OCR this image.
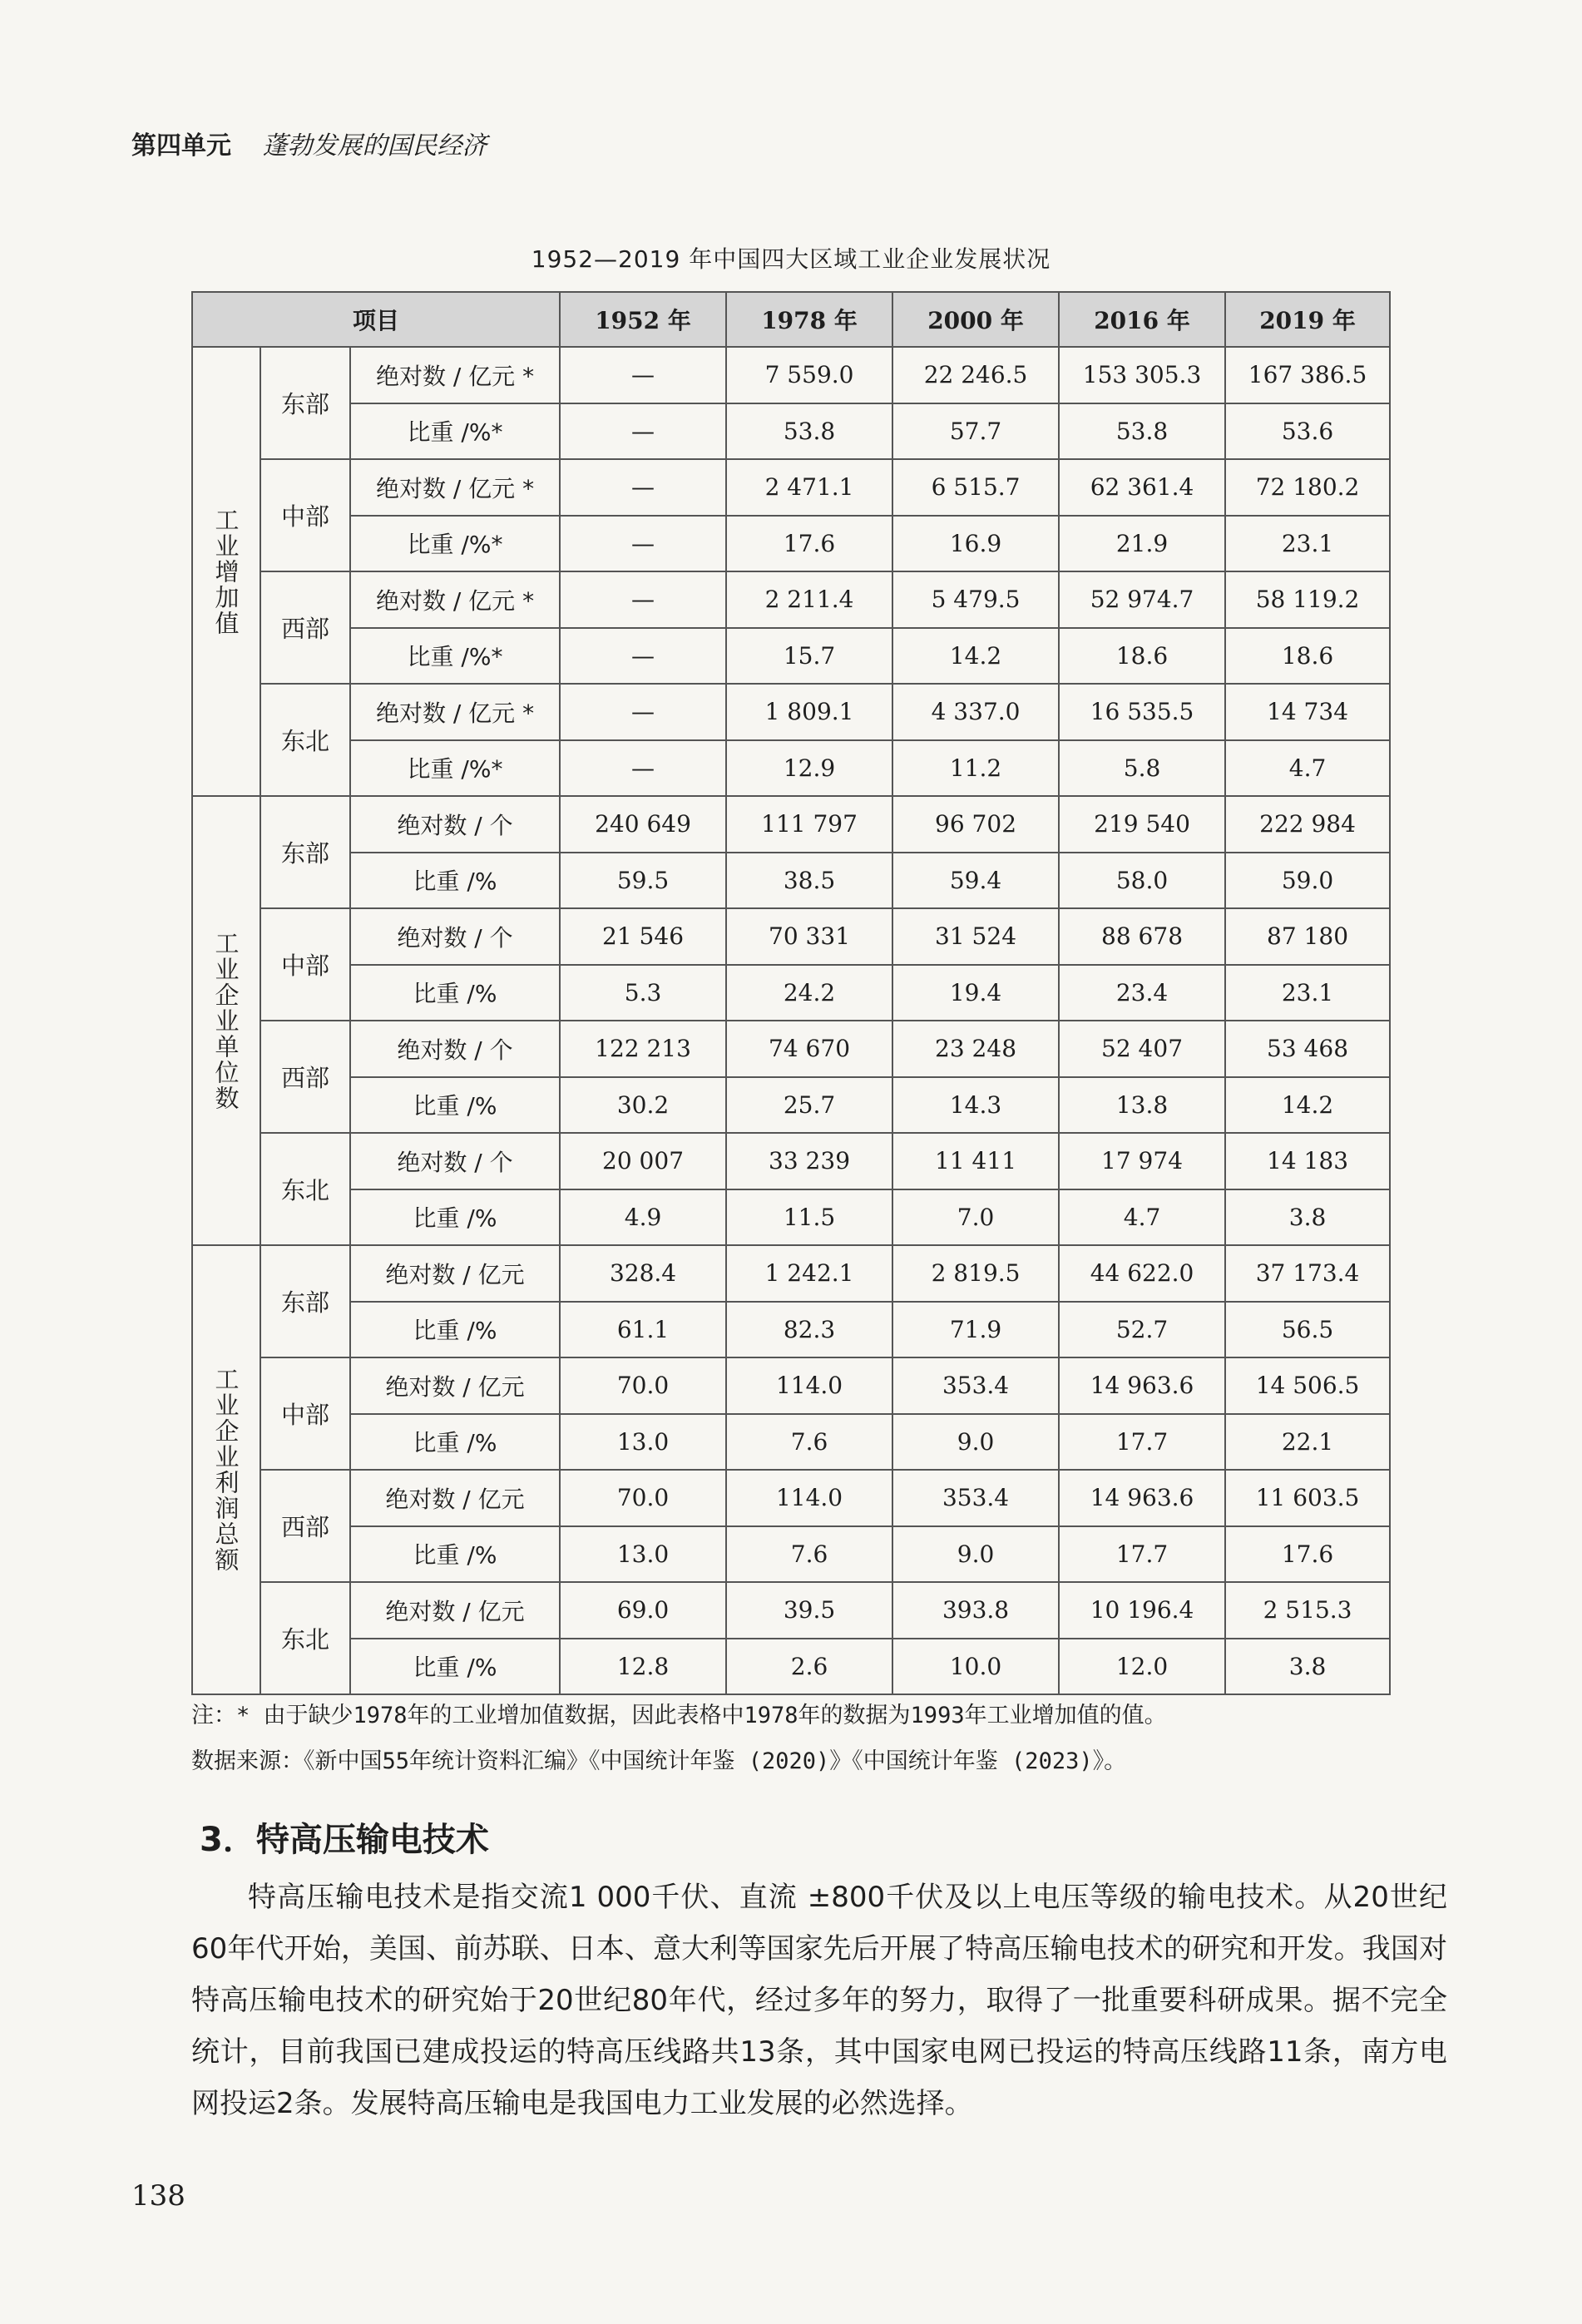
第四单元 蓬勃发展的国民经济
1952—2019 年中国四大区域工业企业发展状况
项目			1952 年	1978 年	2000 年	2016 年	2019 年
工业增加值	东部	绝对数 / 亿元 *	—	7 559.0	22 246.5	153 305.3	167 386.5
		比重 /%*	—	53.8	57.7	53.8	53.6
	中部	绝对数 / 亿元 *	—	2 471.1	6 515.7	62 361.4	72 180.2
		比重 /%*	—	17.6	16.9	21.9	23.1
	西部	绝对数 / 亿元 *	—	2 211.4	5 479.5	52 974.7	58 119.2
		比重 /%*	—	15.7	14.2	18.6	18.6
	东北	绝对数 / 亿元 *	—	1 809.1	4 337.0	16 535.5	14 734
		比重 /%*	—	12.9	11.2	5.8	4.7
工业企业单位数	东部	绝对数 / 个	240 649	111 797	96 702	219 540	222 984
		比重 /%	59.5	38.5	59.4	58.0	59.0
	中部	绝对数 / 个	21 546	70 331	31 524	88 678	87 180
		比重 /%	5.3	24.2	19.4	23.4	23.1
	西部	绝对数 / 个	122 213	74 670	23 248	52 407	53 468
		比重 /%	30.2	25.7	14.3	13.8	14.2
	东北	绝对数 / 个	20 007	33 239	11 411	17 974	14 183
		比重 /%	4.9	11.5	7.0	4.7	3.8
工业企业利润总额	东部	绝对数 / 亿元	328.4	1 242.1	2 819.5	44 622.0	37 173.4
		比重 /%	61.1	82.3	71.9	52.7	56.5
	中部	绝对数 / 亿元	70.0	114.0	353.4	14 963.6	14 506.5
		比重 /%	13.0	7.6	9.0	17.7	22.1
	西部	绝对数 / 亿元	70.0	114.0	353.4	14 963.6	11 603.5
		比重 /%	13.0	7.6	9.0	17.7	17.6
	东北	绝对数 / 亿元	69.0	39.5	393.8	10 196.4	2 515.3
		比重 /%	12.8	2.6	10.0	12.0	3.8
注：* 由于缺少1978年的工业增加值数据，因此表格中1978年的数据为1993年工业增加值的值。
数据来源：《新中国55年统计资料汇编》《中国统计年鉴 (2020)》《中国统计年鉴 (2023)》。
3．特高压输电技术
特高压输电技术是指交流1 000千伏、直流 ±800千伏及以上电压等级的输电技术。从20世纪60年代开始，美国、前苏联、日本、意大利等国家先后开展了特高压输电技术的研究和开发。我国对特高压输电技术的研究始于20世纪80年代，经过多年的努力，取得了一批重要科研成果。据不完全统计，目前我国已建成投运的特高压线路共13条，其中国家电网已投运的特高压线路11条，南方电网投运2条。发展特高压输电是我国电力工业发展的必然选择。
138
